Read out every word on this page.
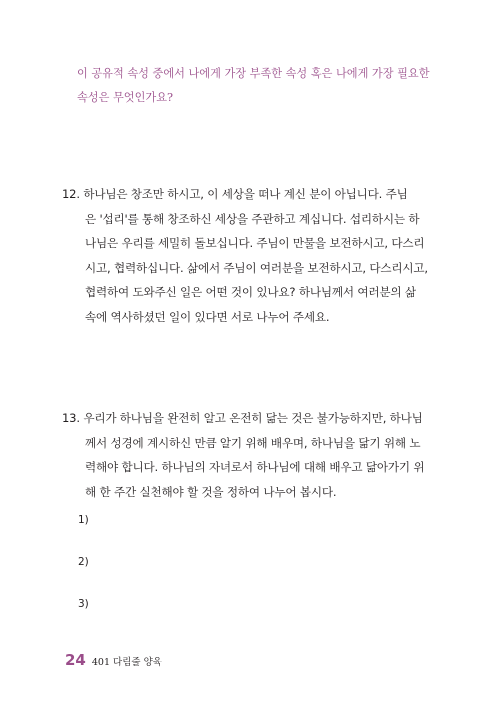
이 공유적 속성 중에서 나에게 가장 부족한 속성 혹은 나에게 가장 필요한
속성은 무엇인가요?

12. 하나님은 창조만 하시고, 이 세상을 떠나 계신 분이 아닙니다. 주님
은 '섭리'를 통해 창조하신 세상을 주관하고 계십니다. 섭리하시는 하
나님은 우리를 세밀히 돌보십니다. 주님이 만물을 보전하시고, 다스리
시고, 협력하십니다. 삶에서 주님이 여러분을 보전하시고, 다스리시고,
협력하여 도와주신 일은 어떤 것이 있나요? 하나님께서 여러분의 삶
속에 역사하셨던 일이 있다면 서로 나누어 주세요.

13. 우리가 하나님을 완전히 알고 온전히 닮는 것은 불가능하지만, 하나님
께서 성경에 계시하신 만큼 알기 위해 배우며, 하나님을 닮기 위해 노
력해야 합니다. 하나님의 자녀로서 하나님에 대해 배우고 닮아가기 위
해 한 주간 실천해야 할 것을 정하여 나누어 봅시다.

1)

2)

3)

24 401 다림줄 양육
